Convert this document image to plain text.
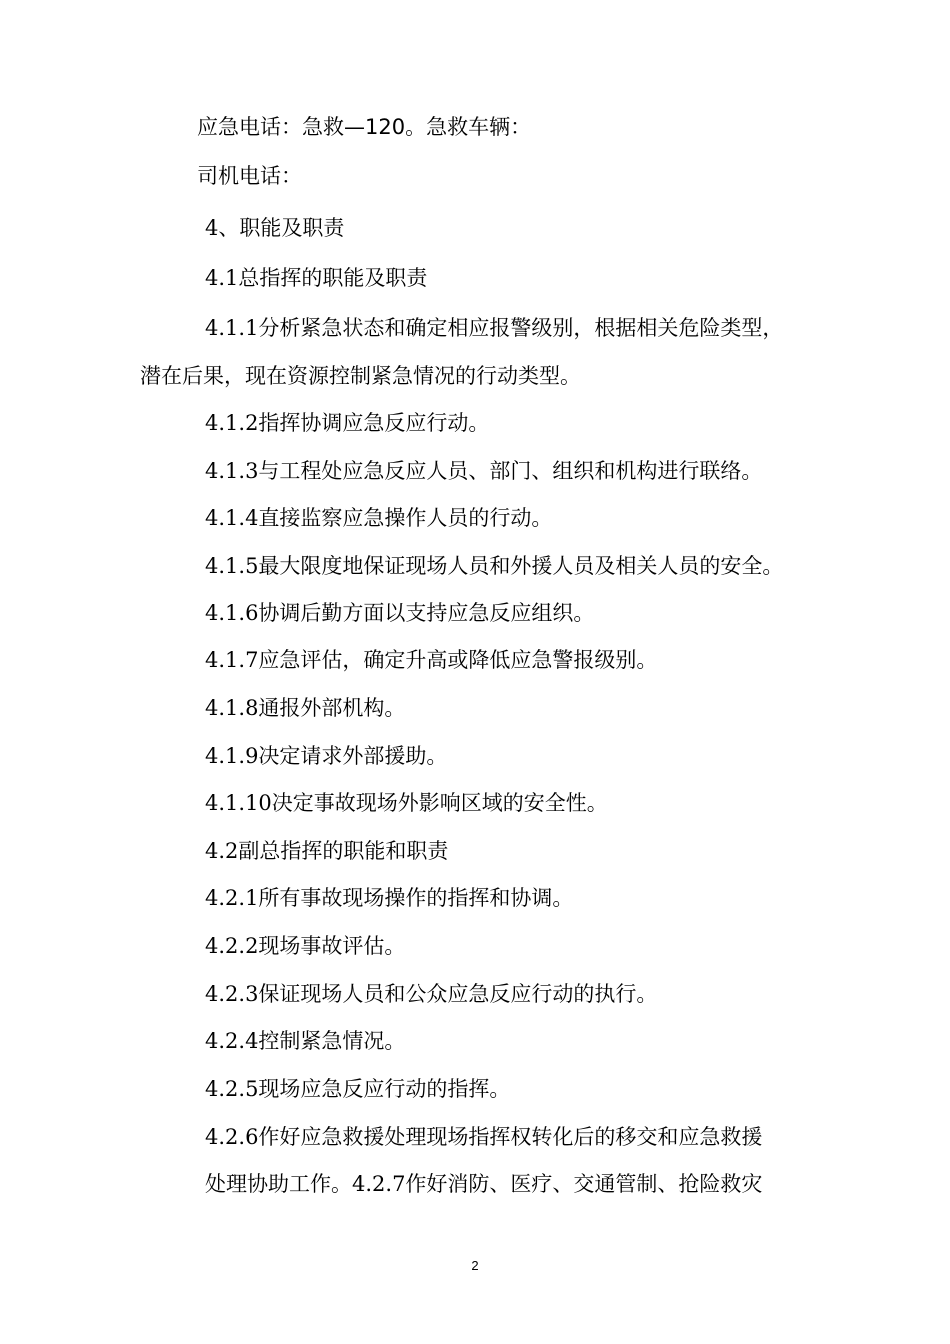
应急电话：急救—120。急救车辆：
司机电话：
4、职能及职责
4.1总指挥的职能及职责
4.1.1分析紧急状态和确定相应报警级别，根据相关危险类型，
潜在后果，现在资源控制紧急情况的行动类型。
4.1.2指挥协调应急反应行动。
4.1.3与工程处应急反应人员、部门、组织和机构进行联络。
4.1.4直接监察应急操作人员的行动。
4.1.5最大限度地保证现场人员和外援人员及相关人员的安全。
4.1.6协调后勤方面以支持应急反应组织。
4.1.7应急评估，确定升高或降低应急警报级别。
4.1.8通报外部机构。
4.1.9决定请求外部援助。
4.1.10决定事故现场外影响区域的安全性。
4.2副总指挥的职能和职责
4.2.1所有事故现场操作的指挥和协调。
4.2.2现场事故评估。
4.2.3保证现场人员和公众应急反应行动的执行。
4.2.4控制紧急情况。
4.2.5现场应急反应行动的指挥。
4.2.6作好应急救援处理现场指挥权转化后的移交和应急救援
处理协助工作。4.2.7作好消防、医疗、交通管制、抢险救灾
2
